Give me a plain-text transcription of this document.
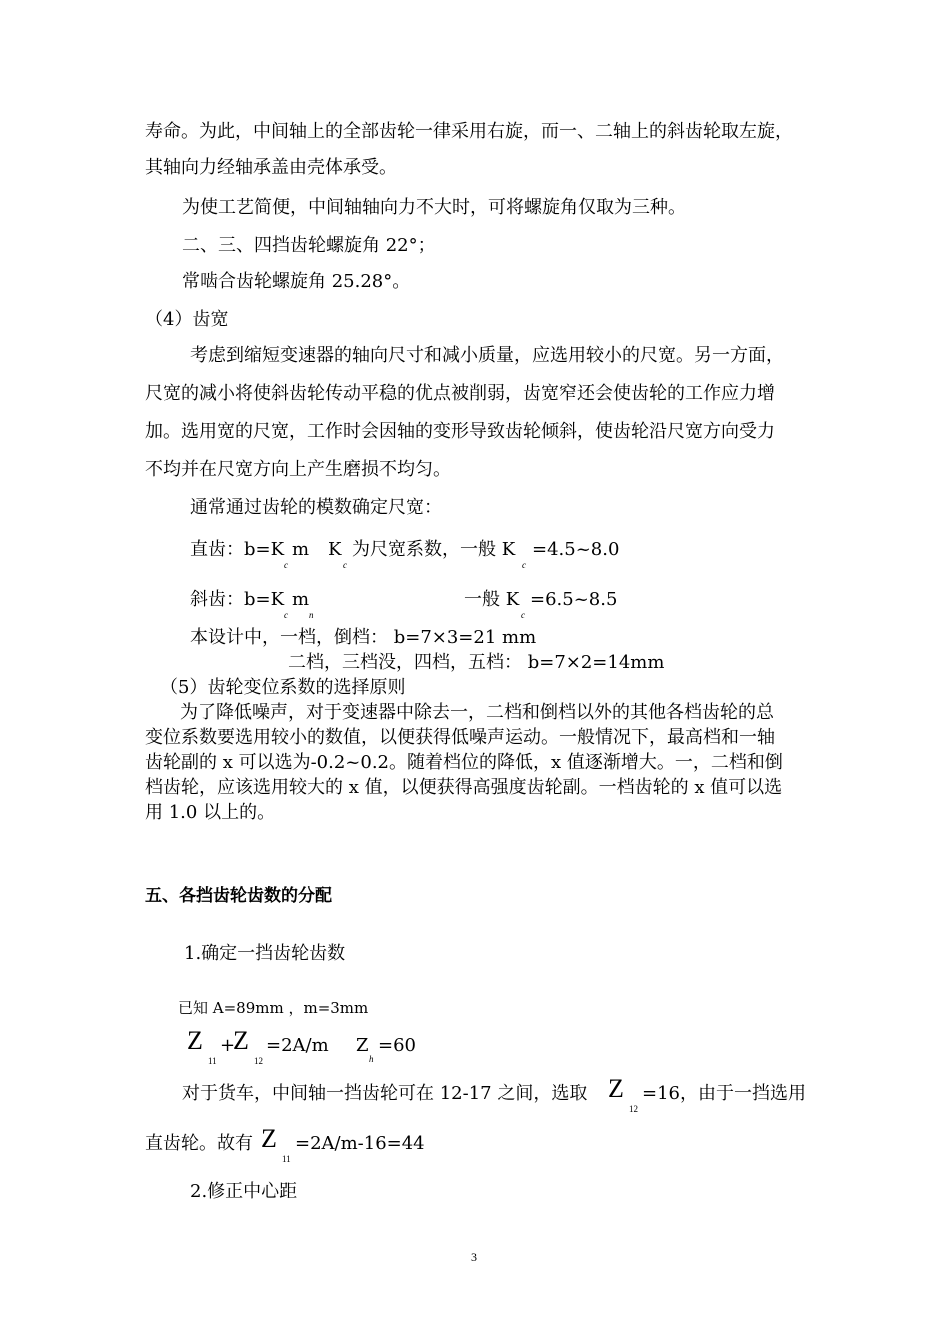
寿命。为此，中间轴上的全部齿轮一律采用右旋，而一、二轴上的斜齿轮取左旋，
其轴向力经轴承盖由壳体承受。
为使工艺简便，中间轴轴向力不大时，可将螺旋角仅取为三种。
二、三、四挡齿轮螺旋角 22°；
常啮合齿轮螺旋角 25.28°。
（4）齿宽
考虑到缩短变速器的轴向尺寸和减小质量，应选用较小的尺宽。另一方面，
尺宽的减小将使斜齿轮传动平稳的优点被削弱，齿宽窄还会使齿轮的工作应力增
加。选用宽的尺宽，工作时会因轴的变形导致齿轮倾斜，使齿轮沿尺宽方向受力
不均并在尺宽方向上产生磨损不均匀。
通常通过齿轮的模数确定尺宽：
直齿：b=K
c
m K
c
为尺宽系数，一般 K
c
=4.5~8.0
斜齿：b=K
c
m
n
一般 K
c
=6.5~8.5
本设计中，一档，倒档： b=7×3=21 mm
二档，三档没，四档，五档： b=7×2=14mm
（5）齿轮变位系数的选择原则
为了降低噪声，对于变速器中除去一，二档和倒档以外的其他各档齿轮的总
变位系数要选用较小的数值，以便获得低噪声运动。一般情况下，最高档和一轴
齿轮副的 x 可以选为-0.2~0.2。随着档位的降低，x 值逐渐增大。一，二档和倒
档齿轮，应该选用较大的 x 值，以便获得高强度齿轮副。一档齿轮的 x 值可以选
用 1.0 以上的。
五、各挡齿轮齿数的分配
1.确定一挡齿轮齿数
已知 A=89mm ，m=3mm
Z
11
+
Z
12
=2A/m Z
h
=60
对于货车，中间轴一挡齿轮可在 12-17 之间，选取 Z
12
=16，由于一挡选用
直齿轮。故有 Z
11
=2A/m-16=44
2.修正中心距
3
